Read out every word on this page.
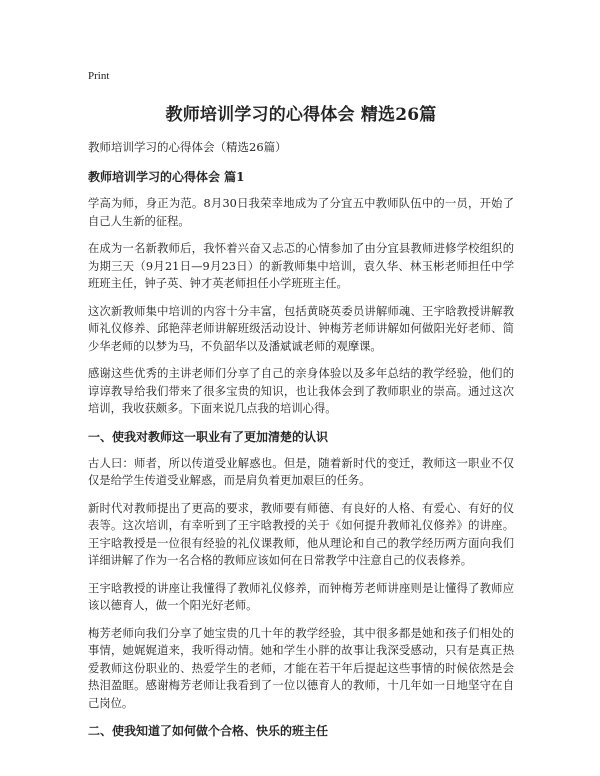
Print
教师培训学习的心得体会 精选26篇
教师培训学习的心得体会（精选26篇）
教师培训学习的心得体会 篇1

学高为师，身正为范。8月30日我荣幸地成为了分宜五中教师队伍中的一员，开始了自己人生新的征程。

在成为一名新教师后，我怀着兴奋又忐忑的心情参加了由分宜县教师进修学校组织的为期三天（9月21日—9月23日）的新教师集中培训，袁久华、林玉彬老师担任中学班班主任，钟子英、钟才英老师担任小学班班主任。

这次新教师集中培训的内容十分丰富，包括黄晓英委员讲解师魂、王宇晗教授讲解教师礼仪修养、邱艳萍老师讲解班级活动设计、钟梅芳老师讲解如何做阳光好老师、简少华老师的以梦为马，不负韶华以及潘斌诚老师的观摩课。

感谢这些优秀的主讲老师们分享了自己的亲身体验以及多年总结的教学经验，他们的谆谆教导给我们带来了很多宝贵的知识，也让我体会到了教师职业的崇高。通过这次培训，我收获颇多。下面来说几点我的培训心得。

一、使我对教师这一职业有了更加清楚的认识

古人曰：师者，所以传道受业解惑也。但是，随着新时代的变迁，教师这一职业不仅仅是给学生传道受业解惑，而是肩负着更加艰巨的任务。

新时代对教师提出了更高的要求，教师要有师德、有良好的人格、有爱心、有好的仪表等。这次培训，有幸听到了王宇晗教授的关于《如何提升教师礼仪修养》的讲座。王宇晗教授是一位很有经验的礼仪课教师，他从理论和自己的教学经历两方面向我们详细讲解了作为一名合格的教师应该如何在日常教学中注意自己的仪表修养。

王宇晗教授的讲座让我懂得了教师礼仪修养，而钟梅芳老师讲座则是让懂得了教师应该以德育人，做一个阳光好老师。

梅芳老师向我们分享了她宝贵的几十年的教学经验，其中很多都是她和孩子们相处的事情，她娓娓道来，我听得动情。她和学生小胖的故事让我深受感动，只有是真正热爱教师这份职业的、热爱学生的老师，才能在若干年后提起这些事情的时候依然是会热泪盈眶。感谢梅芳老师让我看到了一位以德育人的教师，十几年如一日地坚守在自己岗位。

二、使我知道了如何做个合格、快乐的班主任
